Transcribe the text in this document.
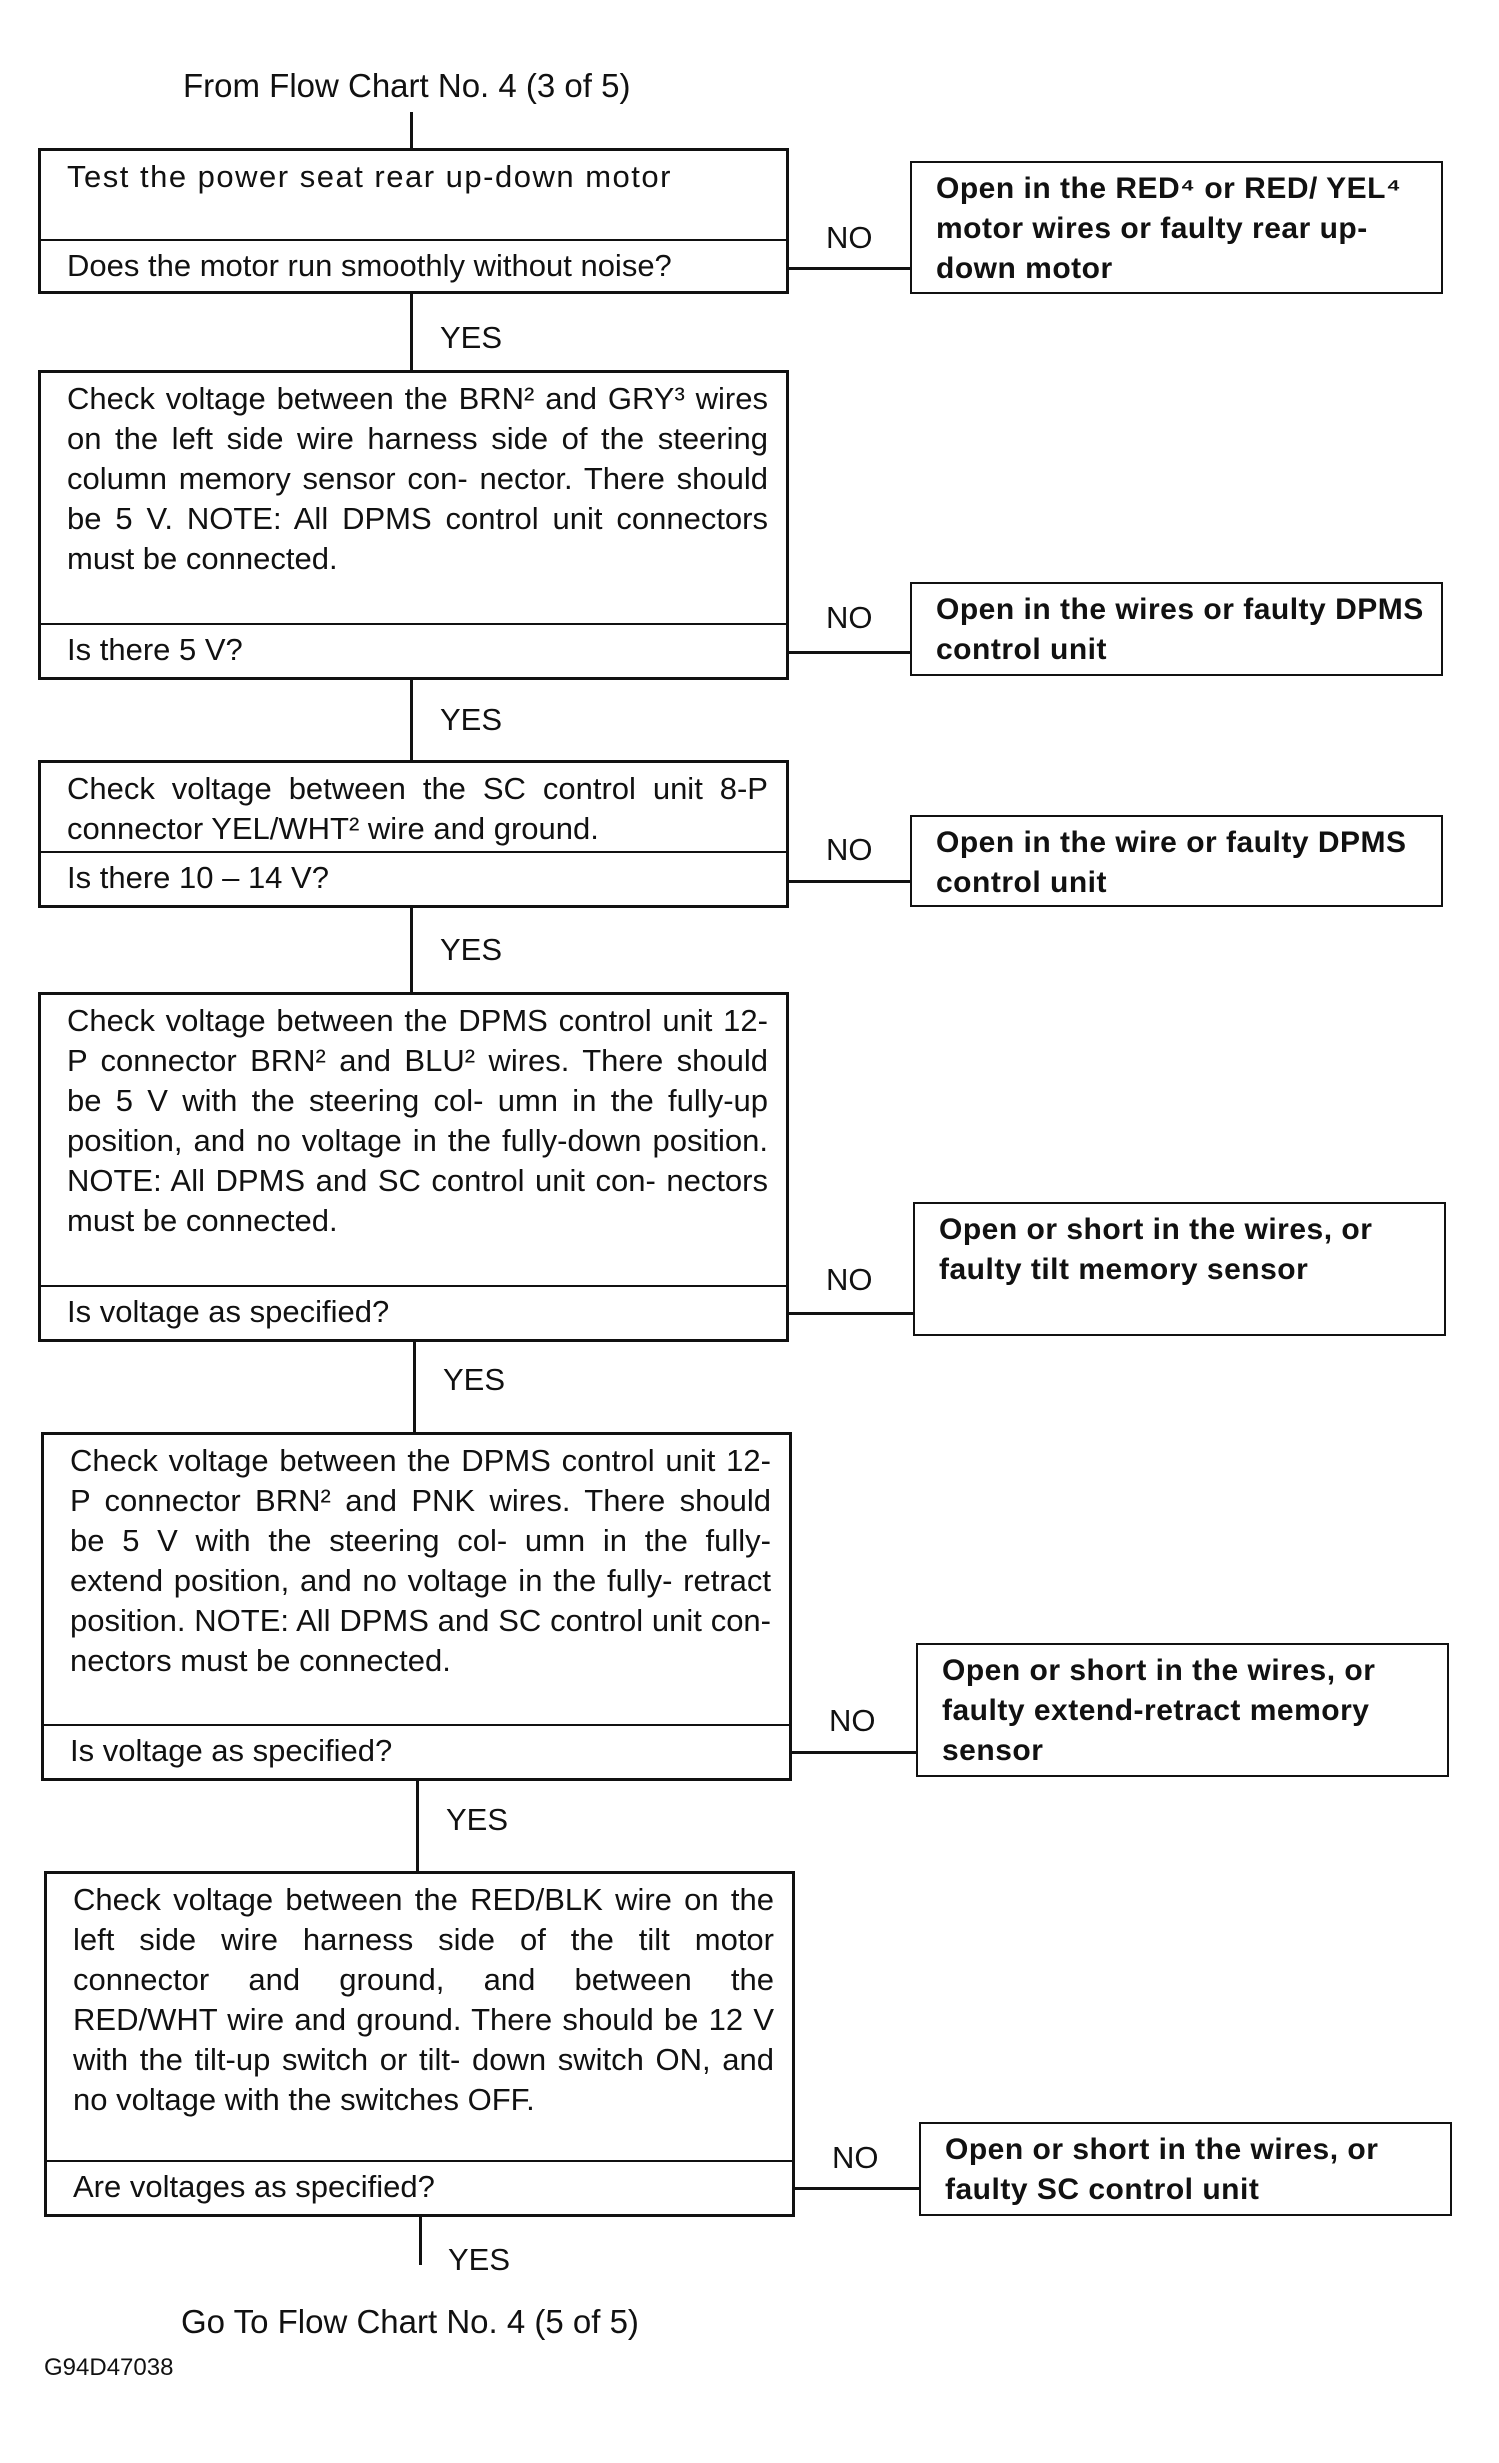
From Flow Chart No. 4 (3 of 5)
Test the power seat rear up-down motor
Does the motor run smoothly without noise?
NO
Open in the RED⁴ or RED/ YEL⁴ motor wires or faulty rear up-down motor
YES
Check voltage between the BRN² and GRY³ wires on the left side wire harness side of the steering column memory sensor con- nector. There should be 5 V. NOTE: All DPMS control unit connectors must be connected.
Is there 5 V?
NO	Open in the wires or faulty DPMS control unit
YES
Check voltage between the SC control unit 8-P connector YEL/WHT² wire and ground.
Is there 10 – 14 V?
NO	Open in the wire or faulty DPMS control unit
YES
Check voltage between the DPMS control unit 12-P connector BRN² and BLU² wires. There should be 5 V with the steering col- umn in the fully-up position, and no voltage in the fully-down position. NOTE: All DPMS and SC control unit con- nectors must be connected.
Is voltage as specified?
NO
Open or short in the wires, or faulty tilt memory sensor
YES
Check voltage between the DPMS control unit 12-P connector BRN² and PNK wires. There should be 5 V with the steering col- umn in the fully-extend position, and no voltage in the fully- retract position. NOTE: All DPMS and SC control unit con- nectors must be connected.
Is voltage as specified?
NO
Open or short in the wires, or faulty extend-retract memory sensor
YES
Check voltage between the RED/BLK wire on the left side wire harness side of the tilt motor connector and ground, and between the RED/WHT wire and ground. There should be 12 V with the tilt-up switch or tilt- down switch ON, and no voltage with the switches OFF.
Are voltages as specified?
NO	Open or short in the wires, or faulty SC control unit
YES
Go To Flow Chart No. 4 (5 of 5)
G94D47038
